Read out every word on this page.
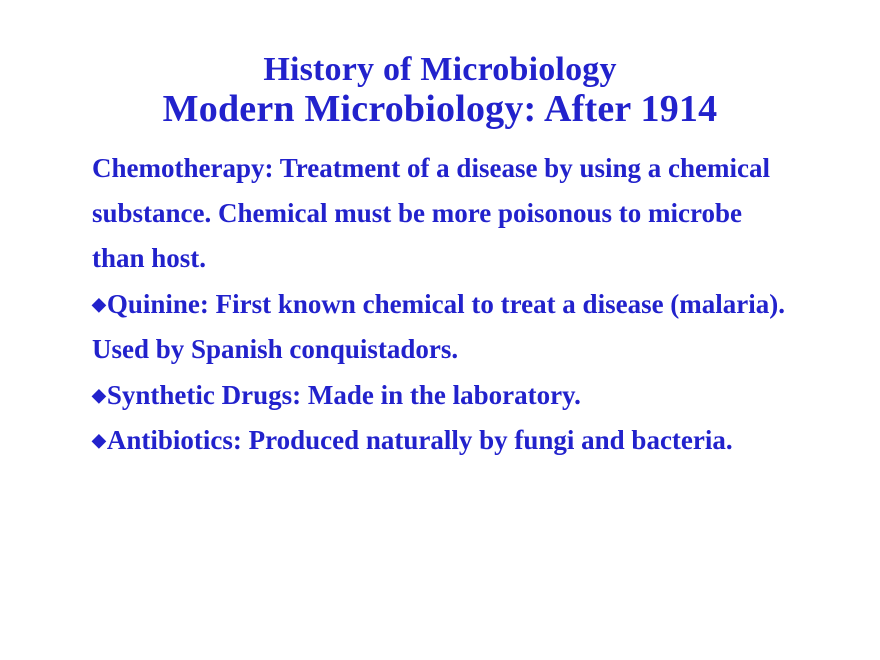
History of Microbiology
Modern Microbiology: After 1914
Chemotherapy: Treatment of a disease by using a chemical substance. Chemical must be more poisonous to microbe than host.
◆Quinine: First known chemical to treat a disease (malaria). Used by Spanish conquistadors.
◆Synthetic Drugs: Made in the laboratory.
◆Antibiotics: Produced naturally by fungi and bacteria.
